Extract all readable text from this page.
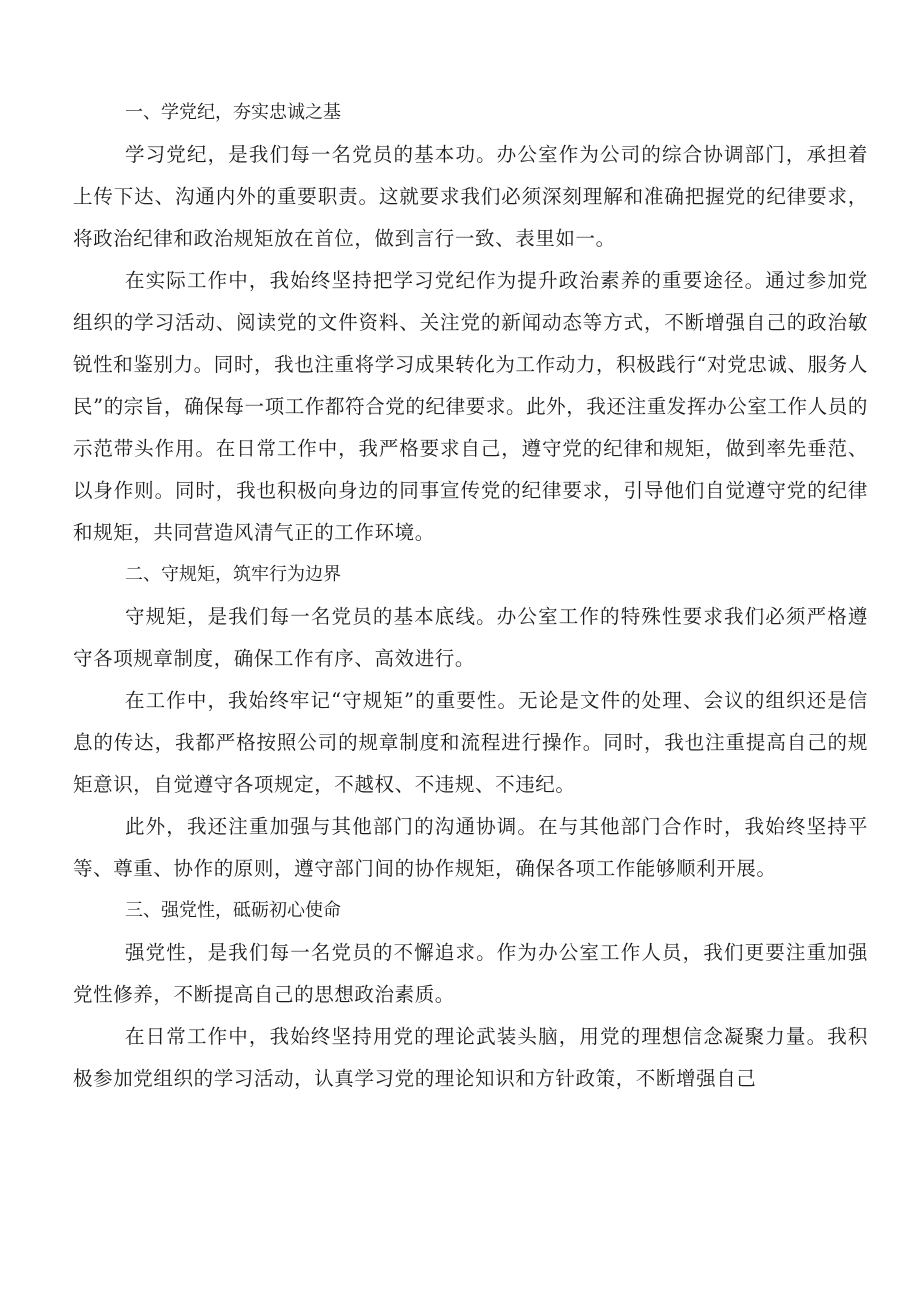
一、学党纪，夯实忠诚之基

学习党纪，是我们每一名党员的基本功。办公室作为公司的综合协调部门，承担着上传下达、沟通内外的重要职责。这就要求我们必须深刻理解和准确把握党的纪律要求，将政治纪律和政治规矩放在首位，做到言行一致、表里如一。

在实际工作中，我始终坚持把学习党纪作为提升政治素养的重要途径。通过参加党组织的学习活动、阅读党的文件资料、关注党的新闻动态等方式，不断增强自己的政治敏锐性和鉴别力。同时，我也注重将学习成果转化为工作动力，积极践行“对党忠诚、服务人民”的宗旨，确保每一项工作都符合党的纪律要求。此外，我还注重发挥办公室工作人员的示范带头作用。在日常工作中，我严格要求自己，遵守党的纪律和规矩，做到率先垂范、以身作则。同时，我也积极向身边的同事宣传党的纪律要求，引导他们自觉遵守党的纪律和规矩，共同营造风清气正的工作环境。

二、守规矩，筑牢行为边界

守规矩，是我们每一名党员的基本底线。办公室工作的特殊性要求我们必须严格遵守各项规章制度，确保工作有序、高效进行。

在工作中，我始终牢记“守规矩”的重要性。无论是文件的处理、会议的组织还是信息的传达，我都严格按照公司的规章制度和流程进行操作。同时，我也注重提高自己的规矩意识，自觉遵守各项规定，不越权、不违规、不违纪。

此外，我还注重加强与其他部门的沟通协调。在与其他部门合作时，我始终坚持平等、尊重、协作的原则，遵守部门间的协作规矩，确保各项工作能够顺利开展。

三、强党性，砥砺初心使命

强党性，是我们每一名党员的不懈追求。作为办公室工作人员，我们更要注重加强党性修养，不断提高自己的思想政治素质。

在日常工作中，我始终坚持用党的理论武装头脑，用党的理想信念凝聚力量。我积极参加党组织的学习活动，认真学习党的理论知识和方针政策，不断增强自己
